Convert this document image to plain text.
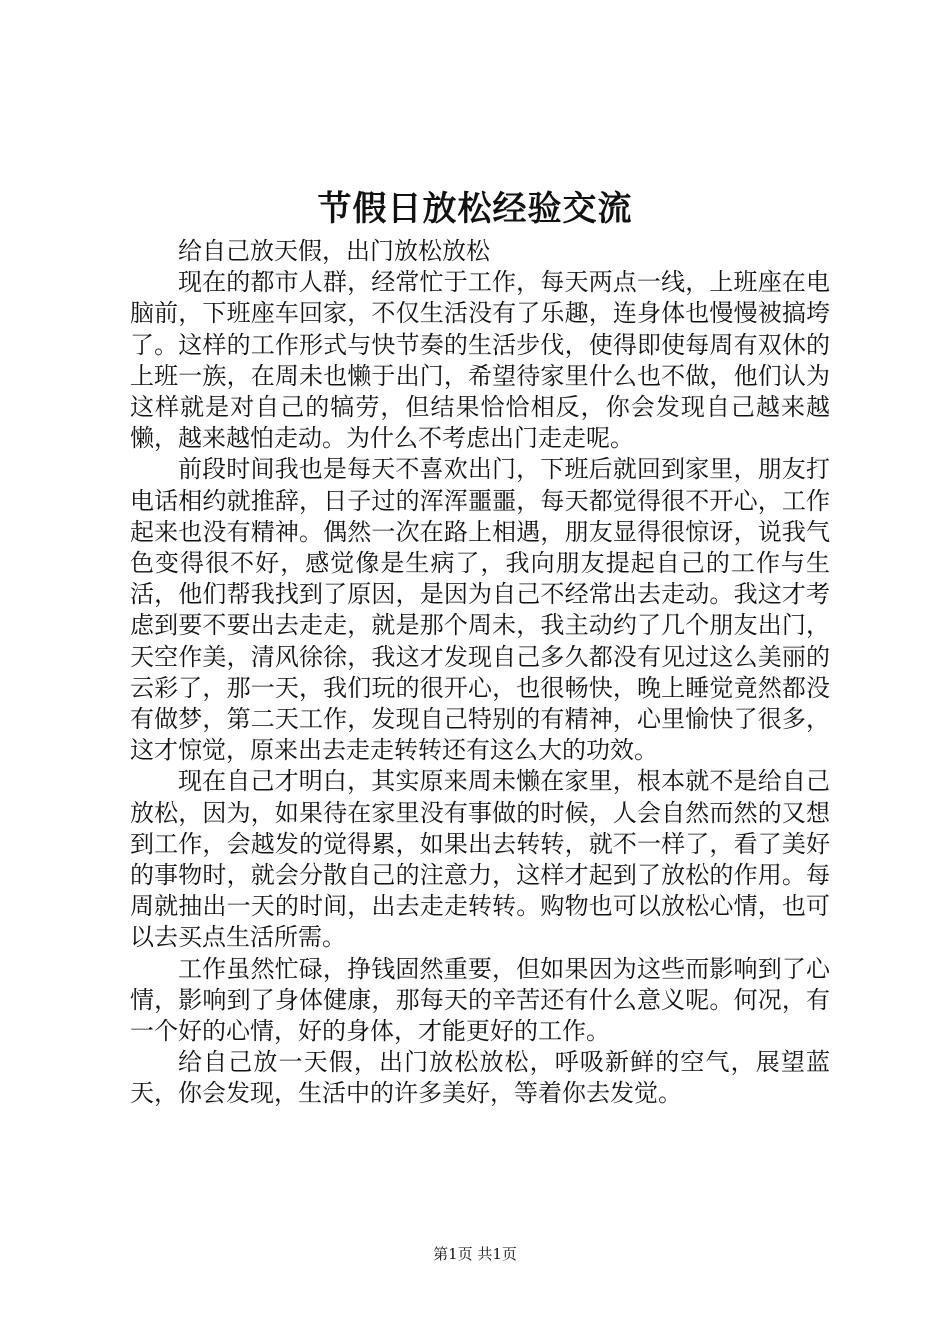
节假日放松经验交流

给自己放天假，出门放松放松

现在的都市人群，经常忙于工作，每天两点一线，上班座在电脑前，下班座车回家，不仅生活没有了乐趣，连身体也慢慢被搞垮了。这样的工作形式与快节奏的生活步伐，使得即使每周有双休的上班一族，在周未也懒于出门，希望待家里什么也不做，他们认为这样就是对自己的犒劳，但结果恰恰相反，你会发现自己越来越懒，越来越怕走动。为什么不考虑出门走走呢。

前段时间我也是每天不喜欢出门，下班后就回到家里，朋友打电话相约就推辞，日子过的浑浑噩噩，每天都觉得很不开心，工作起来也没有精神。偶然一次在路上相遇，朋友显得很惊讶，说我气色变得很不好，感觉像是生病了，我向朋友提起自己的工作与生活，他们帮我找到了原因，是因为自己不经常出去走动。我这才考虑到要不要出去走走，就是那个周未，我主动约了几个朋友出门，天空作美，清风徐徐，我这才发现自己多久都没有见过这么美丽的云彩了，那一天，我们玩的很开心，也很畅快，晚上睡觉竟然都没有做梦，第二天工作，发现自己特别的有精神，心里愉快了很多，这才惊觉，原来出去走走转转还有这么大的功效。

现在自己才明白，其实原来周未懒在家里，根本就不是给自己放松，因为，如果待在家里没有事做的时候，人会自然而然的又想到工作，会越发的觉得累，如果出去转转，就不一样了，看了美好的事物时，就会分散自己的注意力，这样才起到了放松的作用。每周就抽出一天的时间，出去走走转转。购物也可以放松心情，也可以去买点生活所需。

工作虽然忙碌，挣钱固然重要，但如果因为这些而影响到了心情，影响到了身体健康，那每天的辛苦还有什么意义呢。何况，有一个好的心情，好的身体，才能更好的工作。

给自己放一天假，出门放松放松，呼吸新鲜的空气，展望蓝天，你会发现，生活中的许多美好，等着你去发觉。

第1页 共1页
